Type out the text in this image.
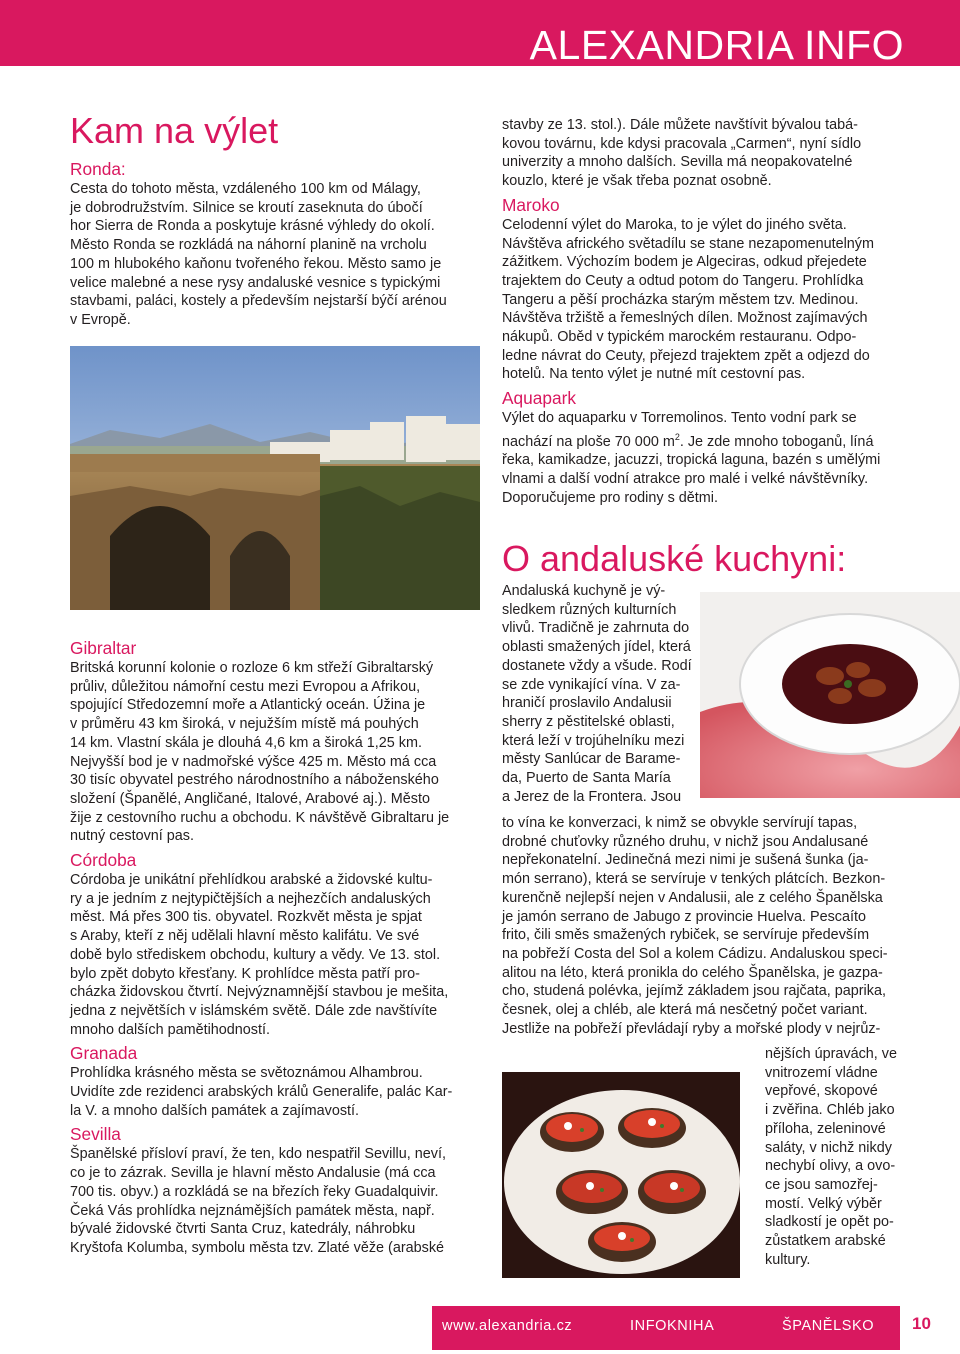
ALEXANDRIA INFO
Kam na výlet
Ronda:

Cesta do tohoto města, vzdáleného 100 km od Málagy,

je dobrodružstvím. Silnice se kroutí zaseknuta do úbočí

hor Sierra de Ronda a poskytuje krásné výhledy do okolí.

Město Ronda se rozkládá na náhorní planině na vrcholu

100 m hlubokého kaňonu tvořeného řekou. Město samo je

velice malebné a nese rysy andaluské vesnice s typickými

stavbami, paláci, kostely a především nejstarší býčí arénou

v Evropě.

Gibraltar

Britská korunní kolonie o rozloze 6 km střeží Gibraltarský

průliv, důležitou námořní cestu mezi Evropou a Afrikou,

spojující Středozemní moře a Atlantický oceán. Úžina je

v průměru 43 km široká, v nejužším místě má pouhých

14 km. Vlastní skála je dlouhá 4,6 km a široká 1,25 km.

Nejvyšší bod je v nadmořské výšce 425 m. Město má cca

30 tisíc obyvatel pestrého národnostního a náboženského

složení (Španělé, Angličané, Italové, Arabové aj.). Město

žije z cestovního ruchu a obchodu. K návštěvě Gibraltaru je

nutný cestovní pas.

Córdoba

Córdoba je unikátní přehlídkou arabské a židovské kultu-

ry a je jedním z nejtypičtějších a nejhezčích andaluských

měst. Má přes 300 tis. obyvatel. Rozkvět města je spjat

s Araby, kteří z něj udělali hlavní město kalifátu. Ve své

době bylo střediskem obchodu, kultury a vědy. Ve 13. stol.

bylo zpět dobyto křesťany. K prohlídce města patří pro-

cházka židovskou čtvrtí. Nejvýznamnější stavbou je mešita,

jedna z největších v islámském světě. Dále zde navštívíte

mnoho dalších pamětihodností.

Granada

Prohlídka krásného města se světoznámou Alhambrou.

Uvidíte zde rezidenci arabských králů Generalife, palác Kar-

la V. a mnoho dalších památek a zajímavostí.

Sevilla

Španělské přísloví praví, že ten, kdo nespatřil Sevillu, neví,

co je to zázrak. Sevilla je hlavní město Andalusie (má cca

700 tis. obyv.) a rozkládá se na březích řeky Guadalquivir.

Čeká Vás prohlídka nejznámějších památek města, např.

bývalé židovské čtvrti Santa Cruz, katedrály, náhrobku

Kryštofa Kolumba, symbolu města tzv. Zlaté věže (arabské

stavby ze 13. stol.). Dále můžete navštívit bývalou tabá-

kovou továrnu, kde kdysi pracovala „Carmen“, nyní sídlo

univerzity a mnoho dalších. Sevilla má neopakovatelné

kouzlo, které je však třeba poznat osobně.

Maroko

Celodenní výlet do Maroka, to je výlet do jiného světa.

Návštěva afrického světadílu se stane nezapomenutelným

zážitkem. Výchozím bodem je Algeciras, odkud přejedete

trajektem do Ceuty a odtud potom do Tangeru. Prohlídka

Tangeru a pěší procházka starým městem tzv. Medinou.

Návštěva tržiště a řemeslných dílen. Možnost zajímavých

nákupů. Oběd v typickém marockém restauranu. Odpo-

ledne návrat do Ceuty, přejezd trajektem zpět a odjezd do

hotelů. Na tento výlet je nutné mít cestovní pas.

Aquapark

Výlet do aquaparku v Torremolinos. Tento vodní park se

nachází na ploše 70 000 $m^2$. Je zde mnoho toboganů, líná

řeka, kamikadze, jacuzzi, tropická laguna, bazén s umělými

vlnami a další vodní atrakce pro malé i velké návštěvníky.

Doporučujeme pro rodiny s dětmi.

O andaluské kuchyni:

Andaluská kuchyně je vý-

sledkem různých kulturních

vlivů. Tradičně je zahrnuta do

oblasti smažených jídel, která

dostanete vždy a všude. Rodí

se zde vynikající vína. V za-

hraničí proslavilo Andalusii

sherry z pěstitelské oblasti,

která leží v trojúhelníku mezi

městy Sanlúcar de Barame-

da, Puerto de Santa María

a Jerez de la Frontera. Jsou

to vína ke konverzaci, k nimž se obvykle servírují tapas,

drobné chuťovky různého druhu, v nichž jsou Andalusané

nepřekonatelní. Jedinečná mezi nimi je sušená šunka (ja-

món serrano), která se servíruje v tenkých plátcích. Bezkon-

kurenčně nejlepší nejen v Andalusii, ale z celého Španělska

je jamón serrano de Jabugo z provincie Huelva. Pescaíto

frito, čili směs smažených rybiček, se servíruje především

na pobřeží Costa del Sol a kolem Cádizu. Andaluskou speci-

alitou na léto, která pronikla do celého Španělska, je gazpa-

cho, studená polévka, jejímž základem jsou rajčata, paprika,

česnek, olej a chléb, ale která má nesčetný počet variant.

Jestliže na pobřeží převládají ryby a mořské plody v nejrůz-

nějších úpravách, ve

vnitrozemí vládne

vepřové, skopové

i zvěřina. Chléb jako

příloha, zeleninové

saláty, v nichž nikdy

nechybí olivy, a ovo-

ce jsou samozřej-

mostí. Velký výběr

sladkostí je opět po-

zůstatkem arabské

kultury.

www.alexandria.cz	INFOKNIHA	ŠPANĚLSKO 10
